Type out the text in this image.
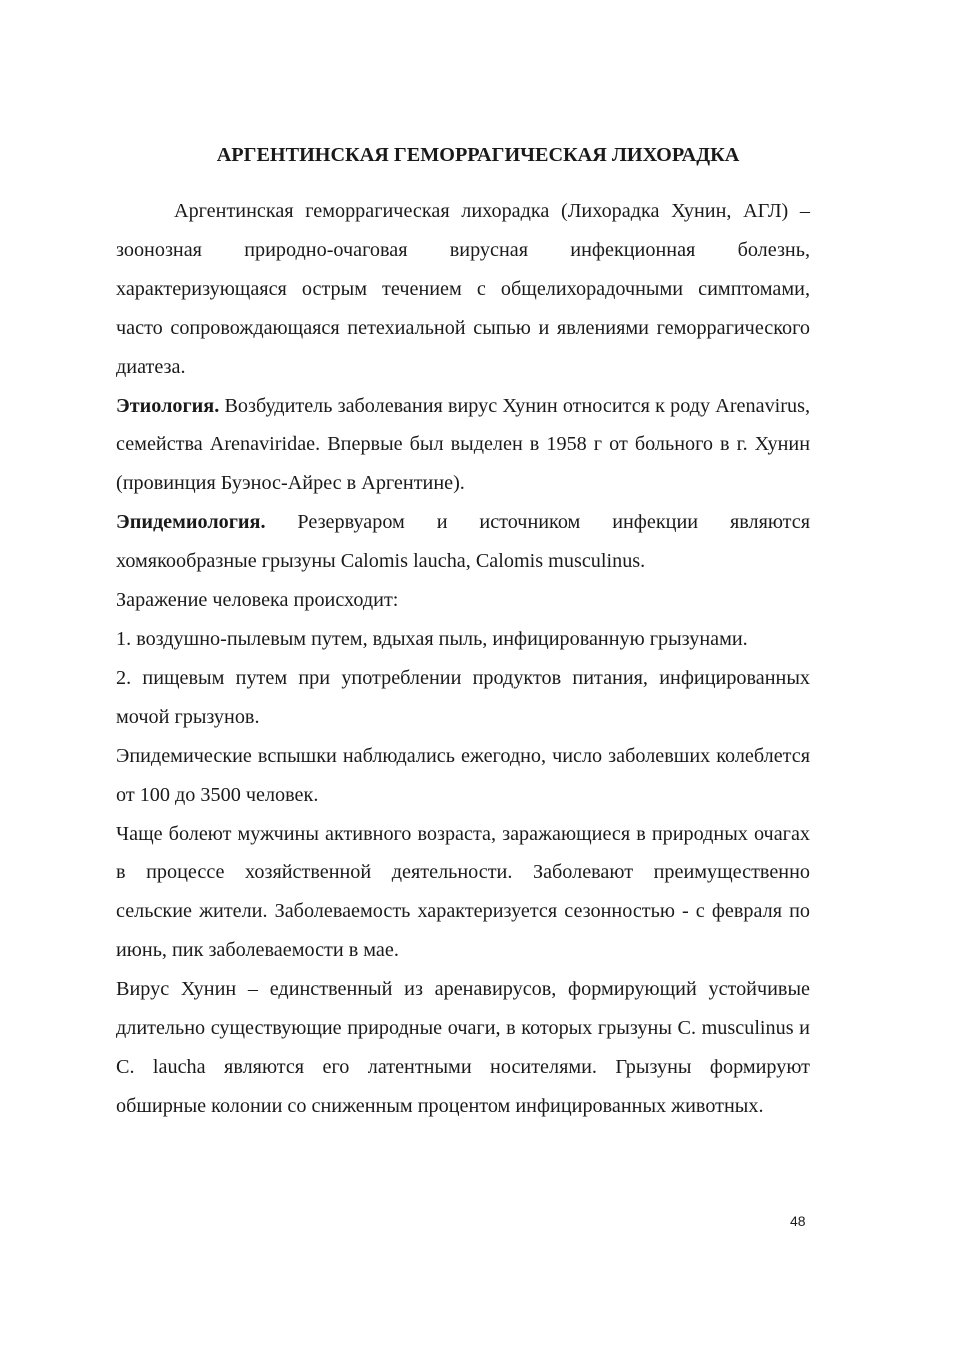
АРГЕНТИНСКАЯ ГЕМОРРАГИЧЕСКАЯ ЛИХОРАДКА

Аргентинская геморрагическая лихорадка (Лихорадка Хунин, АГЛ) – зоонозная природно-очаговая вирусная инфекционная болезнь, характеризующаяся острым течением с общелихорадочными симптомами, часто сопровождающаяся петехиальной сыпью и явлениями геморрагического диатеза.

Этиология. Возбудитель заболевания вирус Хунин относится к роду Arenavirus, семейства Arenaviridae. Впервые был выделен в 1958 г от больного в г. Хунин (провинция Буэнос-Айрес в Аргентине).

Эпидемиология. Резервуаром и источником инфекции являются хомякообразные грызуны Calomis laucha, Calomis musculinus.

Заражение человека происходит:

1. воздушно-пылевым путем, вдыхая пыль, инфицированную грызунами.

2. пищевым путем при употреблении продуктов питания, инфицированных мочой грызунов.

Эпидемические вспышки наблюдались ежегодно, число заболевших колеблется от 100 до 3500 человек.

Чаще болеют мужчины активного возраста, заражающиеся в природных очагах в процессе хозяйственной деятельности. Заболевают преимущественно сельские жители. Заболеваемость характеризуется сезонностью - с февраля по июнь, пик заболеваемости в мае.

Вирус Хунин – единственный из аренавирусов, формирующий устойчивые длительно существующие природные очаги, в которых грызуны C. musculinus и C. laucha являются его латентными носителями. Грызуны формируют обширные колонии со сниженным процентом инфицированных животных.

48
